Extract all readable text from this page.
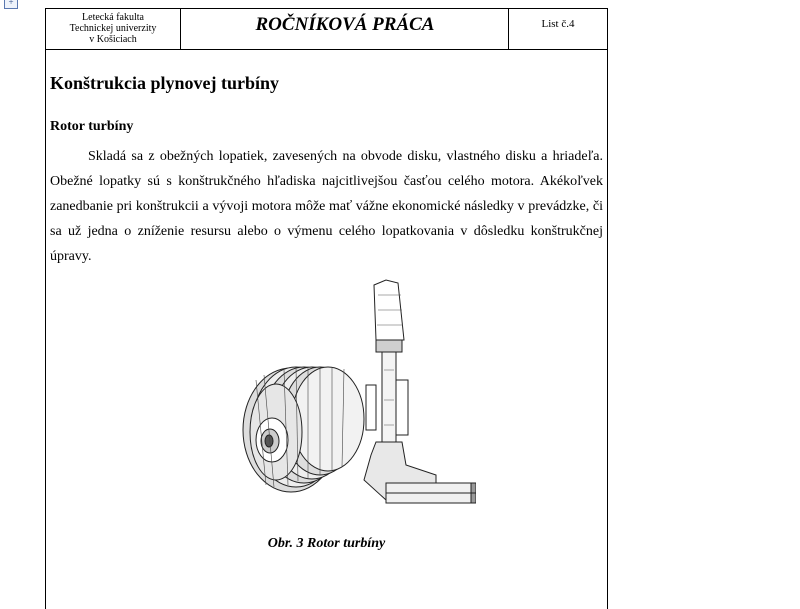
+
Letecká fakulta
Technickej univerzity
v Košiciach
ROČNÍKOVÁ PRÁCA	List č.4
Konštrukcia plynovej turbíny
Rotor turbíny
Skladá sa z obežných lopatiek, zavesených na obvode disku, vlastného disku a hriadeľa. Obežné lopatky sú s konštrukčného hľadiska najcitlivejšou časťou celého motora. Akékoľvek zanedbanie pri konštrukcii a vývoji motora môže mať vážne ekonomické následky v prevádzke, či sa už jedna o zníženie resursu alebo o výmenu celého lopatkovania v dôsledku konštrukčnej úpravy.
Obr. 3 Rotor turbíny
